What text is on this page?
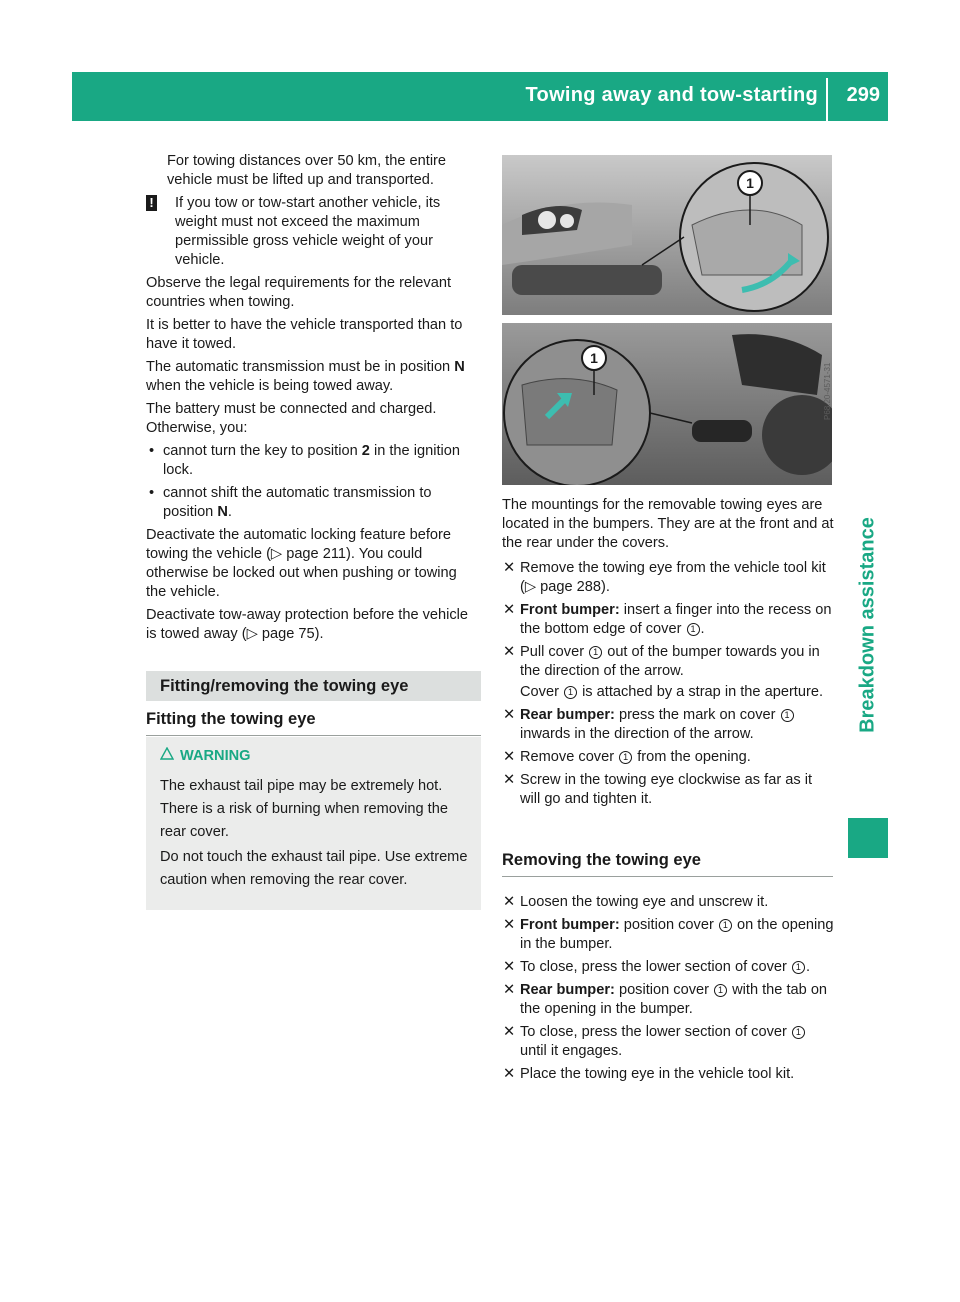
Towing away and tow-starting 299
Breakdown assistance

For towing distances over 50 km, the entire vehicle must be lifted up and transported.

! If you tow or tow-start another vehicle, its weight must not exceed the maximum permissible gross vehicle weight of your vehicle.

Observe the legal requirements for the relevant countries when towing.

It is better to have the vehicle transported than to have it towed.

The automatic transmission must be in position N when the vehicle is being towed away.

The battery must be connected and charged. Otherwise, you:

• cannot turn the key to position 2 in the ignition lock.
• cannot shift the automatic transmission to position N.

Deactivate the automatic locking feature before towing the vehicle (▷ page 211). You could otherwise be locked out when pushing or towing the vehicle.

Deactivate tow-away protection before the vehicle is towed away (▷ page 75).

Fitting/removing the towing eye
Fitting the towing eye
WARNING

The exhaust tail pipe may be extremely hot. There is a risk of burning when removing the rear cover.

Do not touch the exhaust tail pipe. Use extreme caution when removing the rear cover.

1
1
P68.20-4571-31

The mountings for the removable towing eyes are located in the bumpers. They are at the front and at the rear under the covers.

✕ Remove the towing eye from the vehicle tool kit (▷ page 288).
✕ Front bumper: insert a finger into the recess on the bottom edge of cover 1 .
✕ Pull cover 1 out of the bumper towards you in the direction of the arrow.

Cover 1 is attached by a strap in the aperture.

✕ Rear bumper: press the mark on cover 1 inwards in the direction of the arrow.
✕ Remove cover 1 from the opening.
✕ Screw in the towing eye clockwise as far as it will go and tighten it.
Removing the towing eye
✕ Loosen the towing eye and unscrew it.
✕ Front bumper: position cover 1 on the opening in the bumper.
✕ To close, press the lower section of cover 1 .
✕ Rear bumper: position cover 1 with the tab on the opening in the bumper.
✕ To close, press the lower section of cover 1 until it engages.
✕ Place the towing eye in the vehicle tool kit.
